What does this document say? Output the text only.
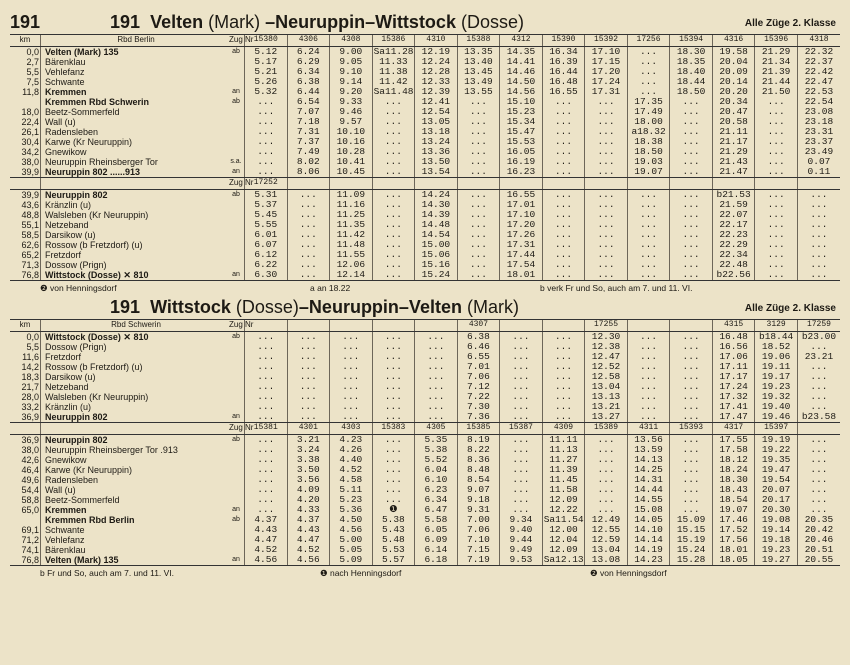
191	191 Velten (Mark) –Neuruppin–Wittstock (Dosse)	Alle Züge 2. Klasse
km	Rbd Berlin	Zug Nr	15380	4306	4308	15386	4310	15388	4312	15390	15392	17256	15394	4316	15396	4318
0,0	Velten (Mark) 135	ab	5.12	6.24	9.00	Sa11.28	12.19	13.35	14.35	16.34	17.10	...	18.30	19.58	21.29	22.32
2,7	Bärenklau		5.17	6.29	9.05	11.33	12.24	13.40	14.41	16.39	17.15	...	18.35	20.04	21.34	22.37
5,5	Vehlefanz		5.21	6.34	9.10	11.38	12.28	13.45	14.46	16.44	17.20	...	18.40	20.09	21.39	22.42
7,5	Schwante		5.26	6.38	9.14	11.42	12.33	13.49	14.50	16.48	17.24	...	18.44	20.14	21.44	22.47
11,8	Kremmen	an	5.32	6.44	9.20	Sa11.48	12.39	13.55	14.56	16.55	17.31	...	18.50	20.20	21.50	22.53
	Kremmen Rbd Schwerin	ab	...	6.54	9.33	...	12.41	...	15.10	...	...	17.35	...	20.34	...	22.54
18,0	Beetz-Sommerfeld		...	7.07	9.46	...	12.54	...	15.23	...	...	17.49	...	20.47	...	23.08
22,4	Wall (u)		...	7.18	9.57	...	13.05	...	15.34	...	...	18.00	...	20.58	...	23.18
26,1	Radensleben		...	7.31	10.10	...	13.18	...	15.47	...	...	a18.32	...	21.11	...	23.31
30,4	Karwe (Kr Neuruppin)		...	7.37	10.16	...	13.24	...	15.53	...	...	18.38	...	21.17	...	23.37
34,2	Gnewikow		...	7.49	10.28	...	13.36	...	16.05	...	...	18.50	...	21.29	...	23.49
38,0	Neuruppin Rheinsberger Tor	s.a.	...	8.02	10.41	...	13.50	...	16.19	...	...	19.03	...	21.43	...	0.07
39,9	Neuruppin 802 ......913	an	...	8.06	10.45	...	13.54	...	16.23	...	...	19.07	...	21.47	...	0.11
		Zug Nr	17252													
39,9	Neuruppin 802	ab	5.31	...	11.09	...	14.24	...	16.55	...	...	...	...	b21.53	...	...
43,6	Kränzlin (u)		5.37	...	11.16	...	14.30	...	17.01	...	...	...	...	21.59	...	...
48,8	Walsleben (Kr Neuruppin)		5.45	...	11.25	...	14.39	...	17.10	...	...	...	...	22.07	...	...
55,1	Netzeband		5.55	...	11.35	...	14.48	...	17.20	...	...	...	...	22.17	...	...
58,5	Darsikow (u)		6.01	...	11.42	...	14.54	...	17.26	...	...	...	...	22.23	...	...
62,6	Rossow (b Fretzdorf) (u)		6.07	...	11.48	...	15.00	...	17.31	...	...	...	...	22.29	...	...
65,2	Fretzdorf		6.12	...	11.55	...	15.06	...	17.44	...	...	...	...	22.34	...	...
71,3	Dossow (Prign)		6.22	...	12.06	...	15.16	...	17.54	...	...	...	...	22.48	...	...
76,8	Wittstock (Dosse) ✕ 810	an	6.30	...	12.14	...	15.24	...	18.01	...	...	...	...	b22.56	...	...
❷ von Henningsdorf	a an 18.22	b verk Fr und So, auch am 7. und 11. VI.
191 Wittstock (Dosse)–Neuruppin–Velten (Mark)	Alle Züge 2. Klasse
km	Rbd Schwerin	Zug Nr						4307			17255			4315	3129	17259
0,0	Wittstock (Dosse) ✕ 810	ab	...	...	...	...	...	6.38	...	...	12.30	...	...	16.48	b18.44	b23.00
5,5	Dossow (Prign)		...	...	...	...	...	6.46	...	...	12.38	...	...	16.56	18.52	...
11,6	Fretzdorf		...	...	...	...	...	6.55	...	...	12.47	...	...	17.06	19.06	23.21
14,2	Rossow (b Fretzdorf) (u)		...	...	...	...	...	7.01	...	...	12.52	...	...	17.11	19.11	...
18,3	Darsikow (u)		...	...	...	...	...	7.06	...	...	12.58	...	...	17.17	19.17	...
21,7	Netzeband		...	...	...	...	...	7.12	...	...	13.04	...	...	17.24	19.23	...
28,0	Walsleben (Kr Neuruppin)		...	...	...	...	...	7.22	...	...	13.13	...	...	17.32	19.32	...
33,2	Kränzlin (u)		...	...	...	...	...	7.30	...	...	13.21	...	...	17.41	19.40	...
36,9	Neuruppin 802	an	...	...	...	...	...	7.36	...	...	13.27	...	...	17.47	19.46	b23.58
		Zug Nr	15381	4301	4303	15383	4305	15385	15387	4309	15389	4311	15393	4317	15397	
36,9	Neuruppin 802	ab	...	3.21	4.23	...	5.35	8.19	...	11.11	...	13.56	...	17.55	19.19	...
38,0	Neuruppin Rheinsberger Tor .913		...	3.24	4.26	...	5.38	8.22	...	11.13	...	13.59	...	17.58	19.22	...
42,6	Gnewikow		...	3.38	4.40	...	5.52	8.36	...	11.27	...	14.13	...	18.12	19.35	...
46,4	Karwe (Kr Neuruppin)		...	3.50	4.52	...	6.04	8.48	...	11.39	...	14.25	...	18.24	19.47	...
49,6	Radensleben		...	3.56	4.58	...	6.10	8.54	...	11.45	...	14.31	...	18.30	19.54	...
54,4	Wall (u)		...	4.09	5.11	...	6.23	9.07	...	11.58	...	14.44	...	18.43	20.07	...
58,8	Beetz-Sommerfeld		...	4.20	5.23	...	6.34	9.18	...	12.09	...	14.55	...	18.54	20.17	...
65,0	Kremmen	an	...	4.33	5.36	❶	6.47	9.31	...	12.22	...	15.08	...	19.07	20.30	...
	Kremmen Rbd Berlin	ab	4.37	4.37	4.50	5.38	5.58	7.00	9.34	Sa11.54	12.49	14.05	15.09	17.46	19.08	20.35
69,1	Schwante		4.43	4.43	4.56	5.43	6.05	7.06	9.40	12.00	12.55	14.10	15.15	17.52	19.14	20.42
71,2	Vehlefanz		4.47	4.47	5.00	5.48	6.09	7.10	9.44	12.04	12.59	14.14	15.19	17.56	19.18	20.46
74,1	Bärenklau		4.52	4.52	5.05	5.53	6.14	7.15	9.49	12.09	13.04	14.19	15.24	18.01	19.23	20.51
76,8	Velten (Mark) 135	an	4.56	4.56	5.09	5.57	6.18	7.19	9.53	Sa12.13	13.08	14.23	15.28	18.05	19.27	20.55
b Fr und So, auch am 7. und 11. VI.	❶ nach Henningsdorf	❷ von Henningsdorf
